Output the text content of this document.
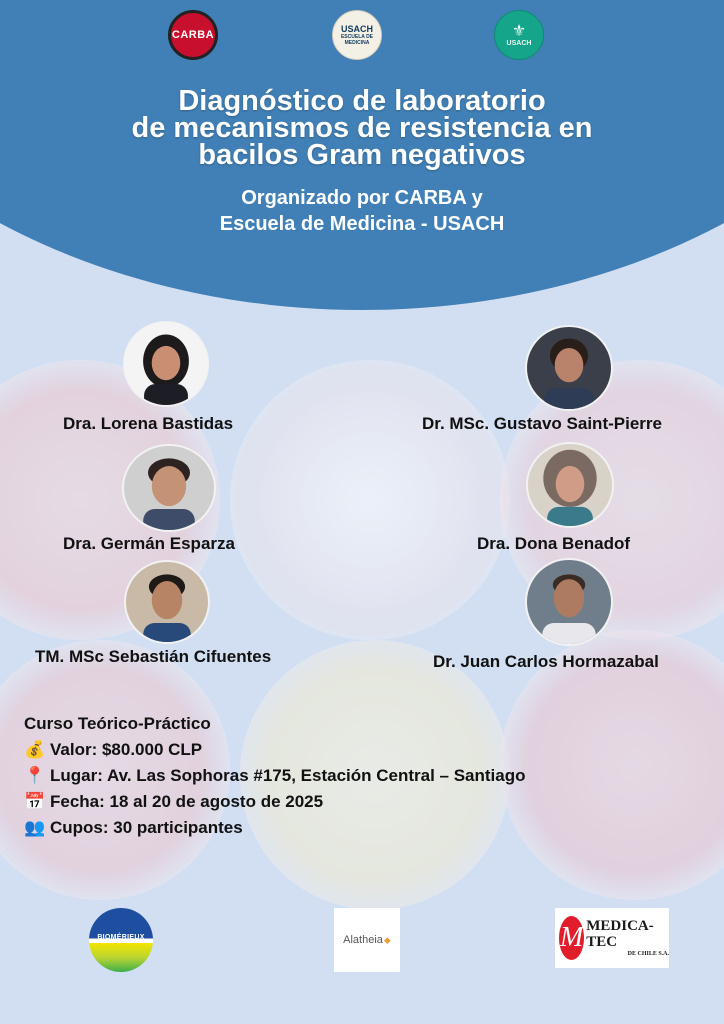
CARBA
USACH
ESCUELA DE MEDICINA
⚜
USACH
Diagnóstico de laboratorio
de mecanismos de resistencia en
bacilos Gram negativos
Organizado por CARBA y
Escuela de Medicina - USACH
Dra. Lorena Bastidas	Dr. MSc. Gustavo Saint-Pierre
Dra. Germán Esparza	Dra. Dona Benadof
TM. MSc Sebastián Cifuentes	Dr. Juan Carlos Hormazabal
Curso Teórico-Práctico
💰 Valor: $80.000 CLP
📍 Lugar: Av. Las Sophoras #175, Estación Central – Santiago
📅 Fecha: 18 al 20 de agosto de 2025
👥 Cupos: 30 participantes
BIOMÉRIEUX	Alatheia ◆	M MEDICA-TEC
DE CHILE S.A.
